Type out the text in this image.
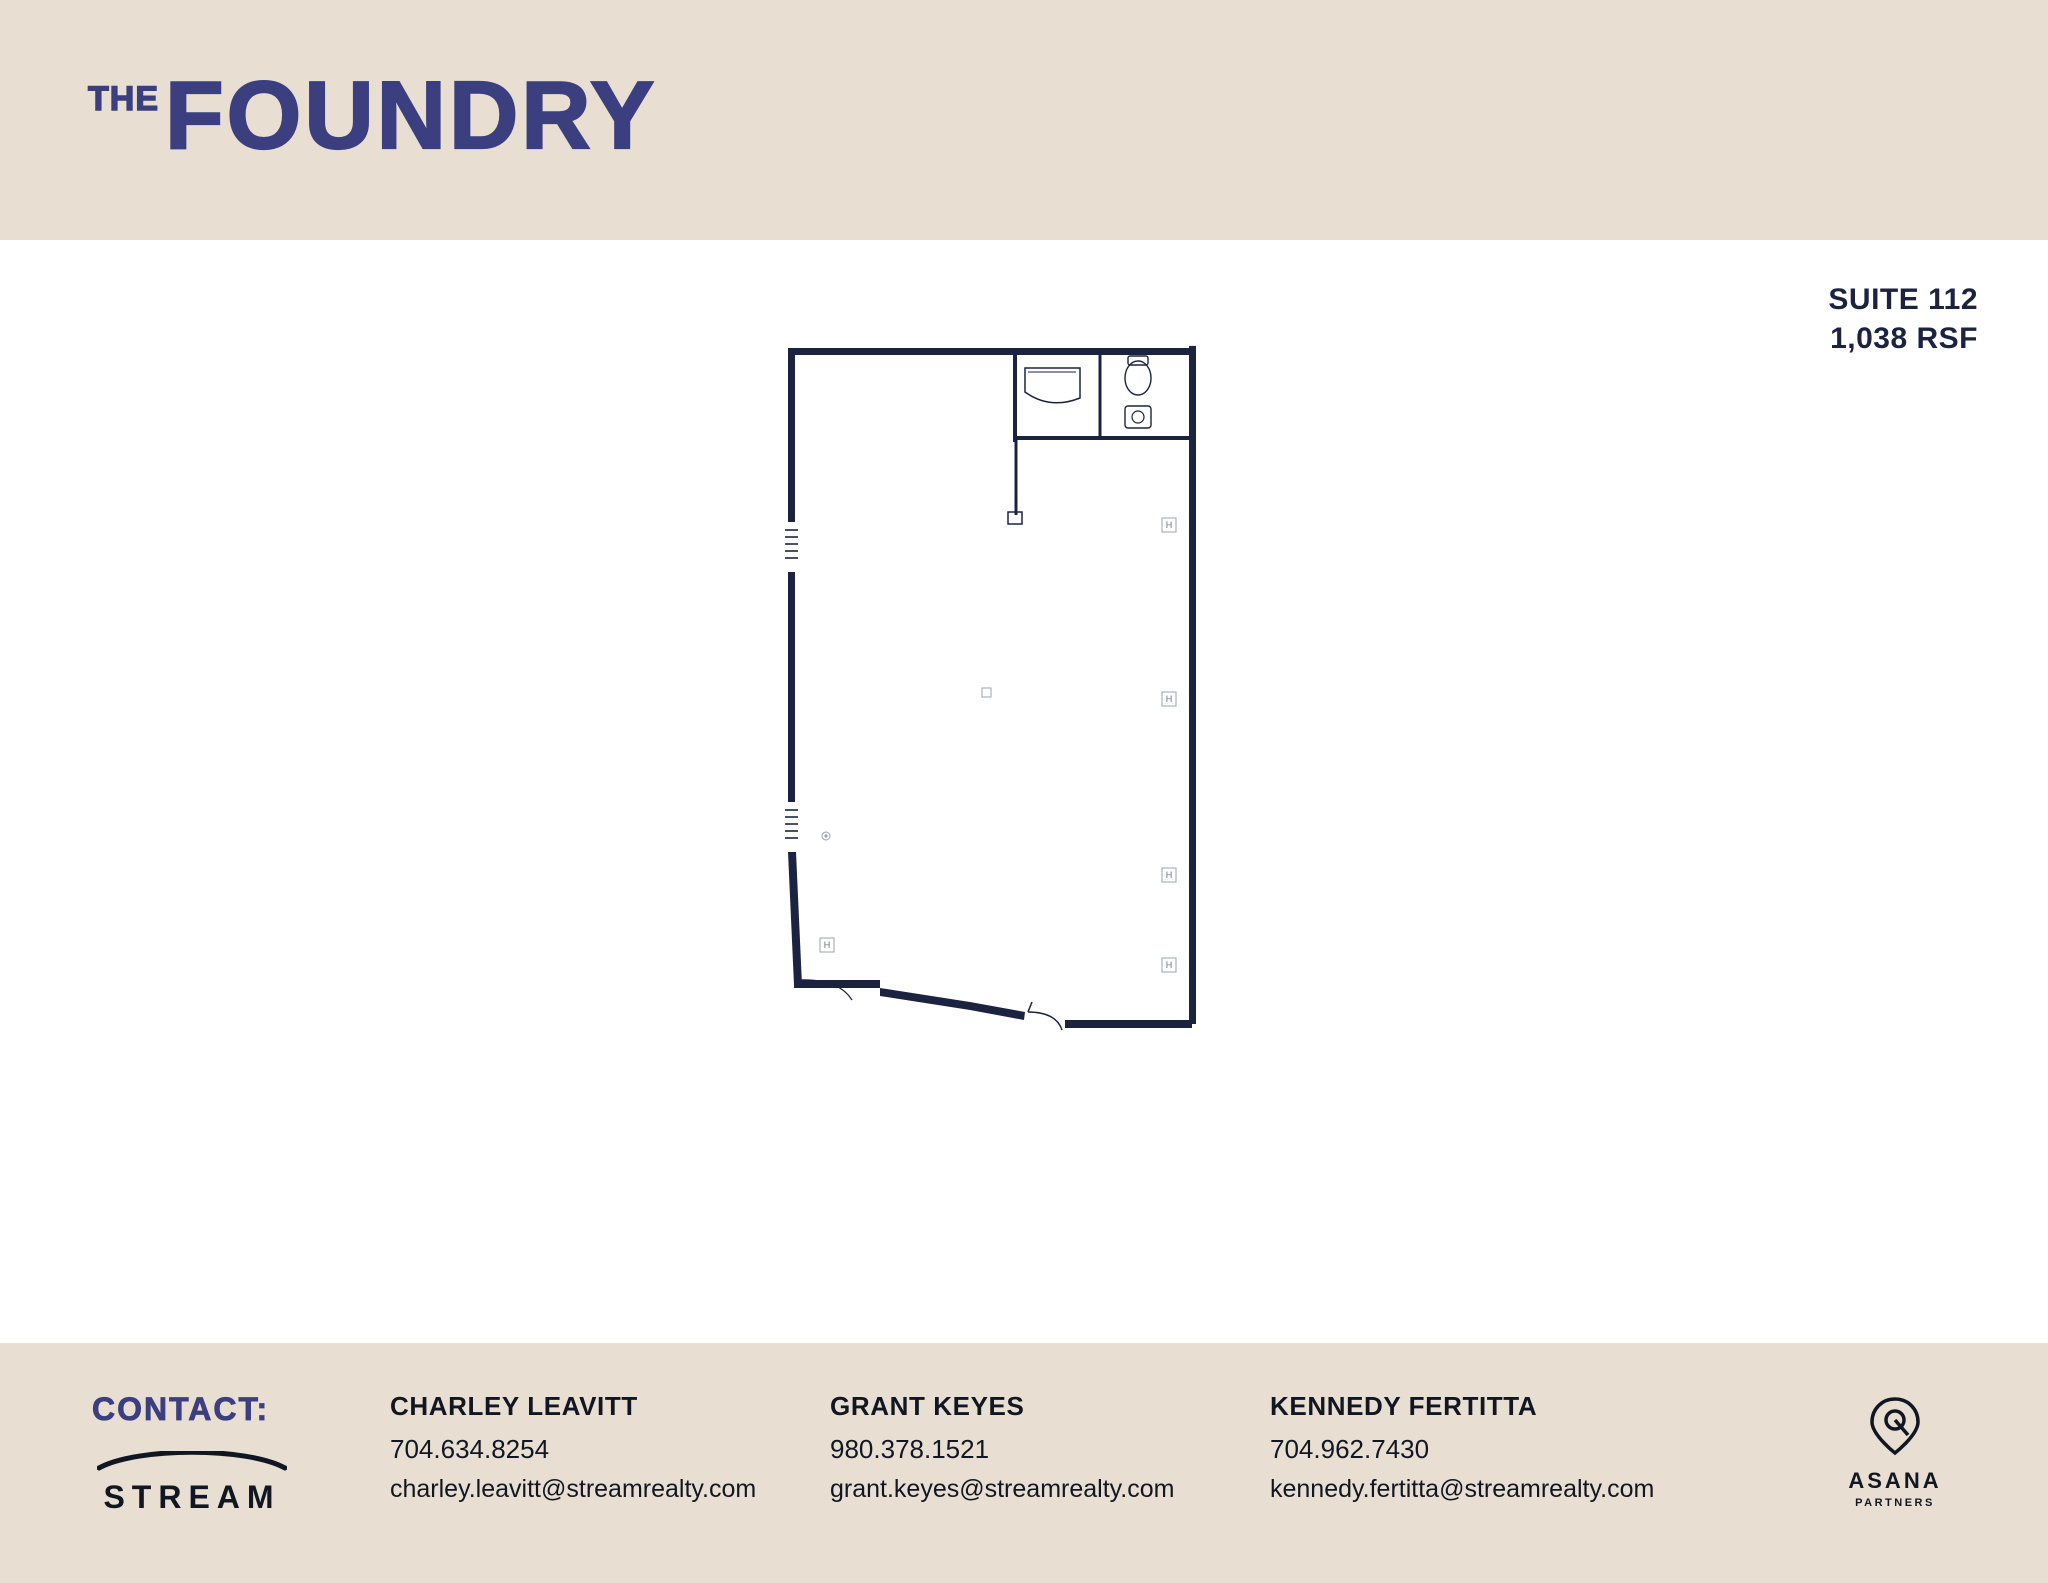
THE FOUNDRY
SUITE 112
1,038 RSF
H
H
H
H
H
CONTACT:
STREAM
CHARLEY LEAVITT
704.634.8254
charley.leavitt@streamrealty.com
GRANT KEYES
980.378.1521
grant.keyes@streamrealty.com
KENNEDY FERTITTA
704.962.7430
kennedy.fertitta@streamrealty.com	ASANA
PARTNERS
